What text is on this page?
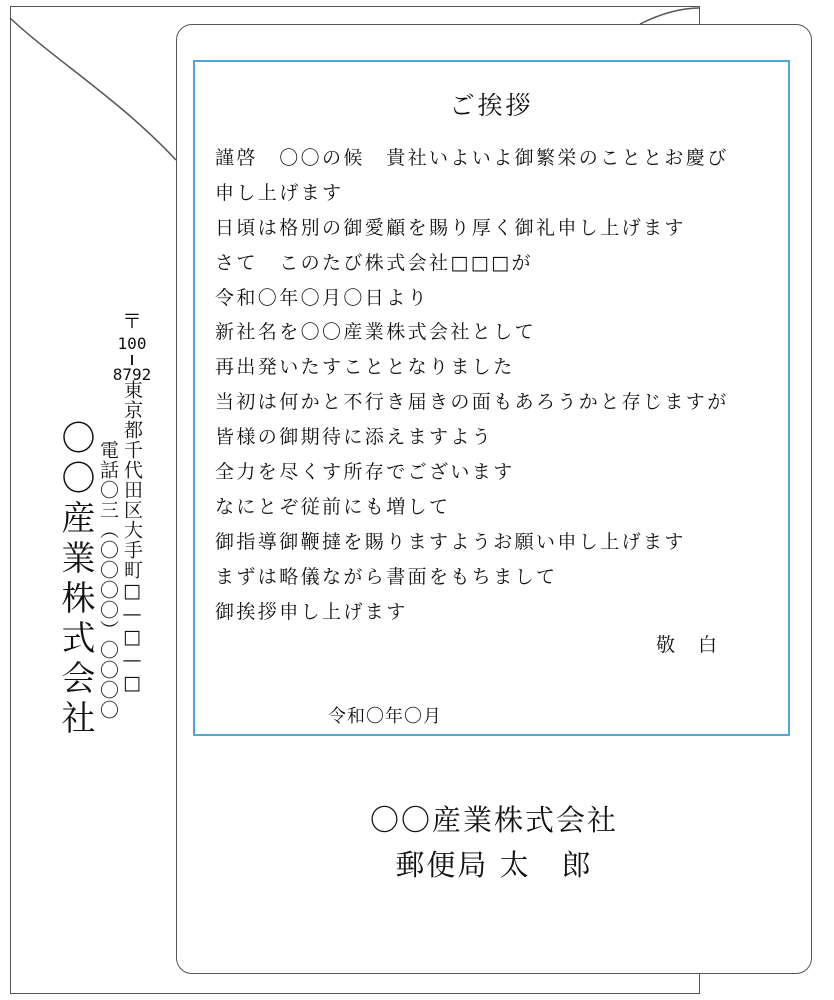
〒
100
8792
東京都千代田区大手町□—□—□
電話〇三（〇〇〇〇）〇〇〇〇
〇〇産業株式会社
ご挨拶
謹啓　〇〇の候　貴社いよいよ御繁栄のこととお慶び
申し上げます
日頃は格別の御愛顧を賜り厚く御礼申し上げます
さて　このたび株式会社□□□が
令和〇年〇月〇日より
新社名を〇〇産業株式会社として
再出発いたすこととなりました
当初は何かと不行き届きの面もあろうかと存じますが
皆様の御期待に添えますよう
全力を尽くす所存でございます
なにとぞ従前にも増して
御指導御鞭撻を賜りますようお願い申し上げます
まずは略儀ながら書面をもちまして
御挨拶申し上げます
敬　白
令和〇年〇月
〇〇産業株式会社
郵便局 太　郎
